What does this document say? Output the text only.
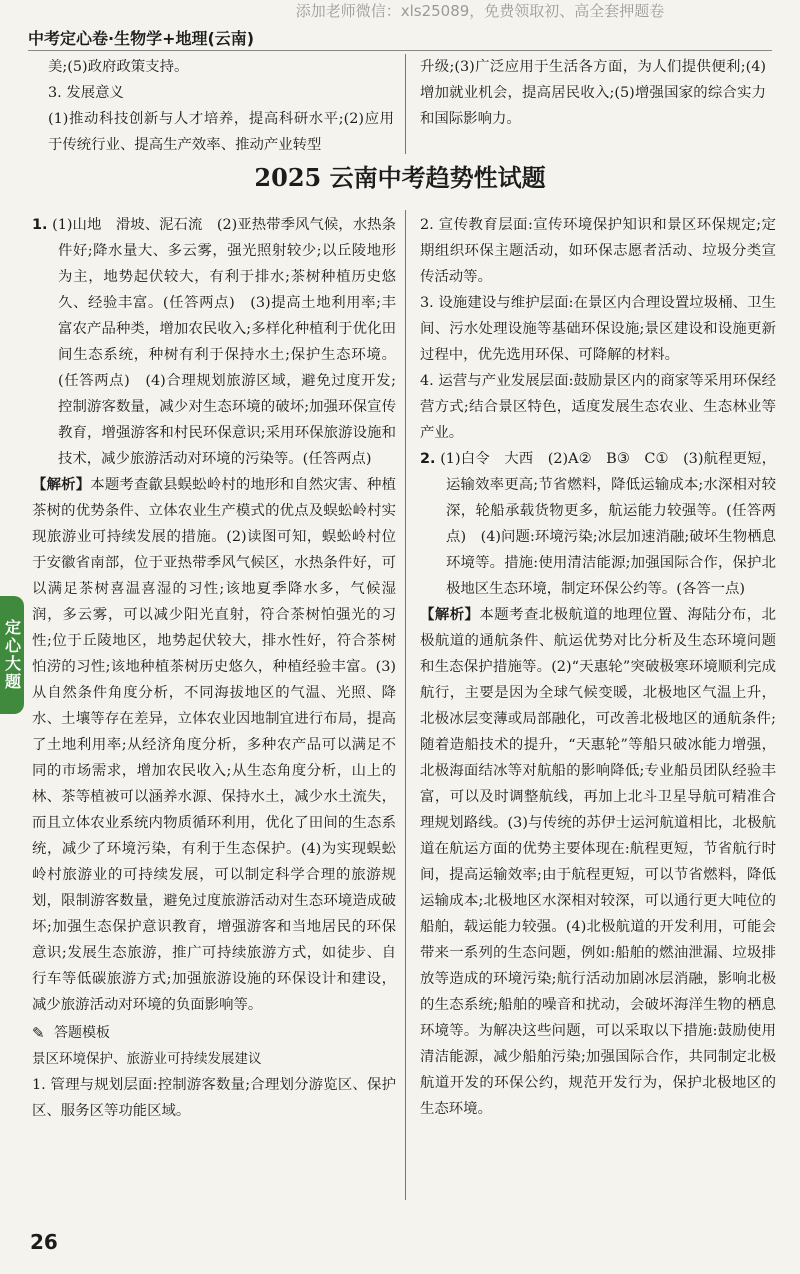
添加老师微信：xls25089，免费领取初、高全套押题卷
中考定心卷·生物学+地理(云南)

美;(5)政府政策支持。

3. 发展意义

(1)推动科技创新与人才培养，提高科研水平;(2)应用于传统行业、提高生产效率、推动产业转型

升级;(3)广泛应用于生活各方面，为人们提供便利;(4)增加就业机会，提高居民收入;(5)增强国家的综合实力和国际影响力。

2025 云南中考趋势性试题

1. (1)山地　滑坡、泥石流　(2)亚热带季风气候，水热条件好;降水量大、多云雾，强光照射较少;以丘陵地形为主，地势起伏较大，有利于排水;茶树种植历史悠久、经验丰富。(任答两点)　(3)提高土地利用率;丰富农产品种类，增加农民收入;多样化种植利于优化田间生态系统，种树有利于保持水土;保护生态环境。(任答两点)　(4)合理规划旅游区域，避免过度开发;控制游客数量，减少对生态环境的破坏;加强环保宣传教育，增强游客和村民环保意识;采用环保旅游设施和技术，减少旅游活动对环境的污染等。(任答两点)

【解析】本题考查歙县蜈蚣岭村的地形和自然灾害、种植茶树的优势条件、立体农业生产模式的优点及蜈蚣岭村实现旅游业可持续发展的措施。(2)读图可知，蜈蚣岭村位于安徽省南部，位于亚热带季风气候区，水热条件好，可以满足茶树喜温喜湿的习性;该地夏季降水多，气候湿润，多云雾，可以减少阳光直射，符合茶树怕强光的习性;位于丘陵地区，地势起伏较大，排水性好，符合茶树怕涝的习性;该地种植茶树历史悠久，种植经验丰富。(3)从自然条件角度分析，不同海拔地区的气温、光照、降水、土壤等存在差异，立体农业因地制宜进行布局，提高了土地利用率;从经济角度分析，多种农产品可以满足不同的市场需求，增加农民收入;从生态角度分析，山上的林、茶等植被可以涵养水源、保持水土，减少水土流失，而且立体农业系统内物质循环利用，优化了田间的生态系统，减少了环境污染，有利于生态保护。(4)为实现蜈蚣岭村旅游业的可持续发展，可以制定科学合理的旅游规划，限制游客数量，避免过度旅游活动对生态环境造成破坏;加强生态保护意识教育，增强游客和当地居民的环保意识;发展生态旅游，推广可持续旅游方式，如徒步、自行车等低碳旅游方式;加强旅游设施的环保设计和建设，减少旅游活动对环境的负面影响等。

✎ 答题模板

景区环境保护、旅游业可持续发展建议

1. 管理与规划层面:控制游客数量;合理划分游览区、保护区、服务区等功能区域。

2. 宣传教育层面:宣传环境保护知识和景区环保规定;定期组织环保主题活动，如环保志愿者活动、垃圾分类宣传活动等。

3. 设施建设与维护层面:在景区内合理设置垃圾桶、卫生间、污水处理设施等基础环保设施;景区建设和设施更新过程中，优先选用环保、可降解的材料。

4. 运营与产业发展层面:鼓励景区内的商家等采用环保经营方式;结合景区特色，适度发展生态农业、生态林业等产业。

2. (1)白令　大西　(2)A②　B③　C①　(3)航程更短，运输效率更高;节省燃料，降低运输成本;水深相对较深，轮船承载货物更多，航运能力较强等。(任答两点)　(4)问题:环境污染;冰层加速消融;破坏生物栖息环境等。措施:使用清洁能源;加强国际合作，保护北极地区生态环境，制定环保公约等。(各答一点)

【解析】本题考查北极航道的地理位置、海陆分布，北极航道的通航条件、航运优势对比分析及生态环境问题和生态保护措施等。(2)“天惠轮”突破极寒环境顺利完成航行，主要是因为全球气候变暖，北极地区气温上升，北极冰层变薄或局部融化，可改善北极地区的通航条件;随着造船技术的提升，“天惠轮”等船只破冰能力增强，北极海面结冰等对航船的影响降低;专业船员团队经验丰富，可以及时调整航线，再加上北斗卫星导航可精准合理规划路线。(3)与传统的苏伊士运河航道相比，北极航道在航运方面的优势主要体现在:航程更短，节省航行时间，提高运输效率;由于航程更短，可以节省燃料，降低运输成本;北极地区水深相对较深，可以通行更大吨位的船舶，载运能力较强。(4)北极航道的开发利用，可能会带来一系列的生态问题，例如:船舶的燃油泄漏、垃圾排放等造成的环境污染;航行活动加剧冰层消融，影响北极的生态系统;船舶的噪音和扰动，会破坏海洋生物的栖息环境等。为解决这些问题，可以采取以下措施:鼓励使用清洁能源，减少船舶污染;加强国际合作，共同制定北极航道开发的环保公约，规范开发行为，保护北极地区的生态环境。

定心大题
26
